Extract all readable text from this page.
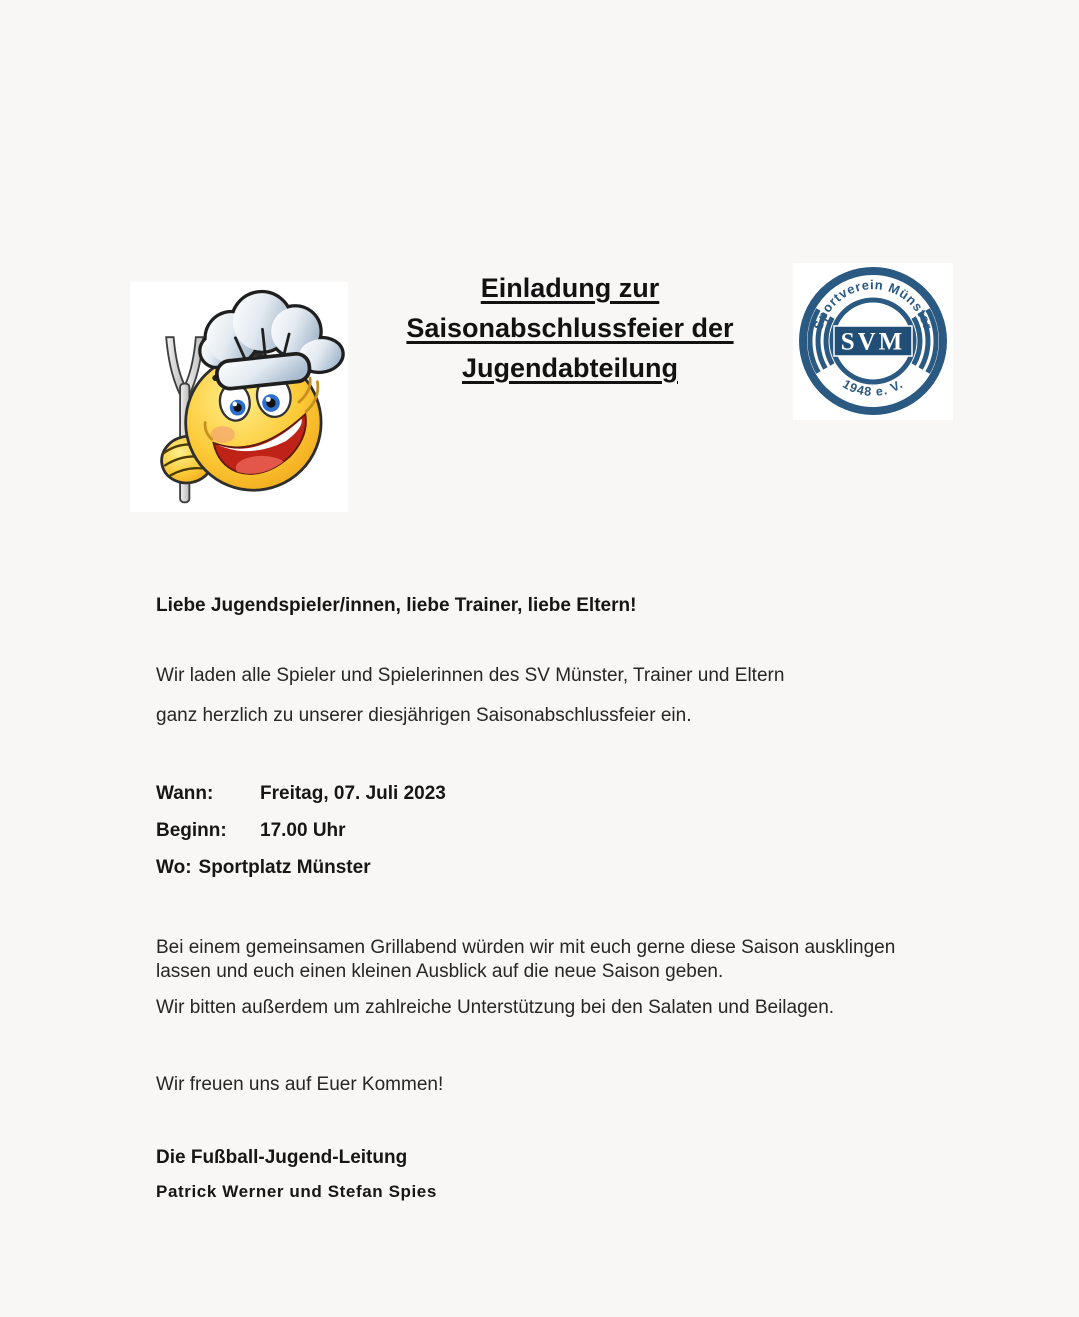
Einladung zur
Saisonabschlussfeier der
Jugendabteilung
Sportverein Münster
1948 e. V.
SVM
Liebe Jugendspieler/innen, liebe Trainer, liebe Eltern!
Wir laden alle Spieler und Spielerinnen des SV Münster, Trainer und Eltern
ganz herzlich zu unserer diesjährigen Saisonabschlussfeier ein.
Wann: Freitag, 07. Juli 2023
Beginn: 17.00 Uhr
Wo: Sportplatz Münster
Bei einem gemeinsamen Grillabend würden wir mit euch gerne diese Saison ausklingen
lassen und euch einen kleinen Ausblick auf die neue Saison geben.
Wir bitten außerdem um zahlreiche Unterstützung bei den Salaten und Beilagen.
Wir freuen uns auf Euer Kommen!
Die Fußball-Jugend-Leitung
Patrick Werner und Stefan Spies
